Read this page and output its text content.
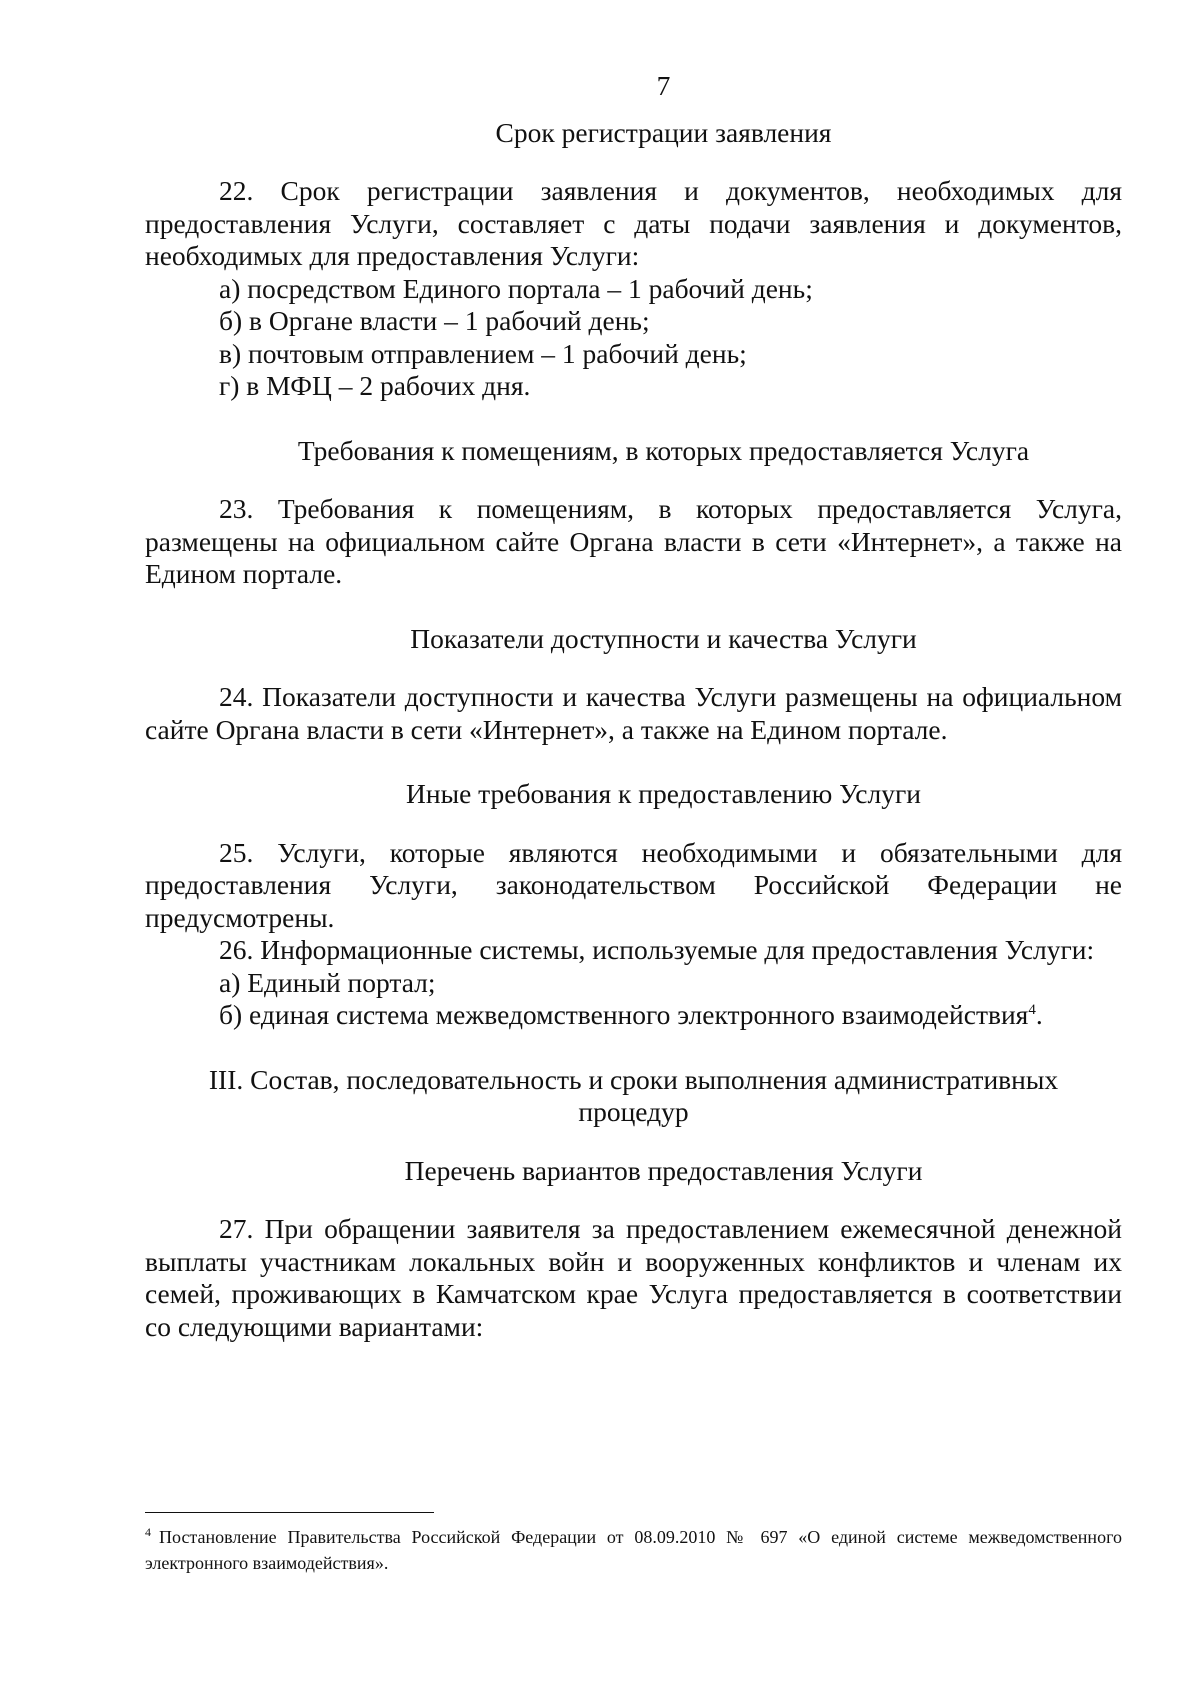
7
Срок регистрации заявления

22. Срок регистрации заявления и документов, необходимых для предоставления Услуги, составляет с даты подачи заявления и документов, необходимых для предоставления Услуги:

а) посредством Единого портала – 1 рабочий день;

б) в Органе власти – 1 рабочий день;

в) почтовым отправлением – 1 рабочий день;

г) в МФЦ – 2 рабочих дня.

Требования к помещениям, в которых предоставляется Услуга

23. Требования к помещениям, в которых предоставляется Услуга, размещены на официальном сайте Органа власти в сети «Интернет», а также на Едином портале.

Показатели доступности и качества Услуги

24. Показатели доступности и качества Услуги размещены на официальном сайте Органа власти в сети «Интернет», а также на Едином портале.

Иные требования к предоставлению Услуги

25. Услуги, которые являются необходимыми и обязательными для предоставления Услуги, законодательством Российской Федерации не предусмотрены.

26. Информационные системы, используемые для предоставления Услуги:

а) Единый портал;

б) единая система межведомственного электронного взаимодействия$^4$.

III. Состав, последовательность и сроки выполнения административных
процедур
Перечень вариантов предоставления Услуги

27. При обращении заявителя за предоставлением ежемесячной денежной выплаты участникам локальных войн и вооруженных конфликтов и членам их семей, проживающих в Камчатском крае Услуга предоставляется в соответствии со следующими вариантами:

$^4$ Постановление Правительства Российской Федерации от 08.09.2010 № 697 «О единой системе межведомственного электронного взаимодействия».
